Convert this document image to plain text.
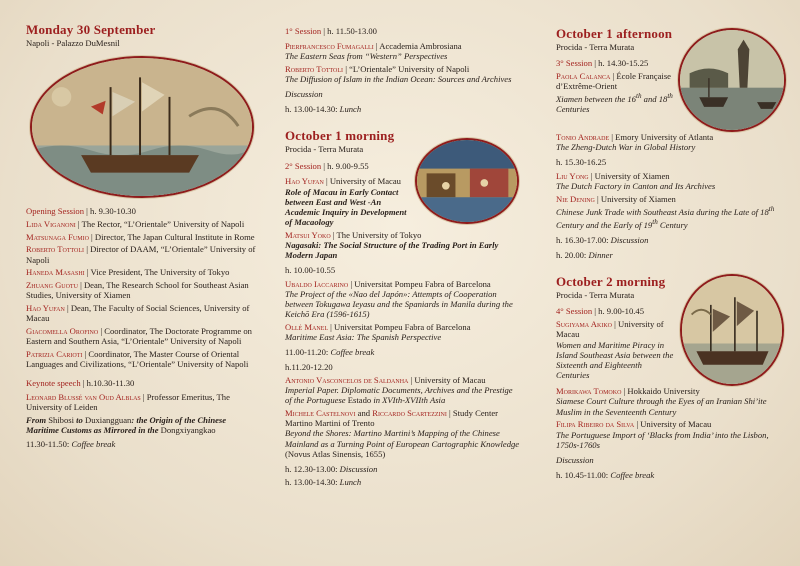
Monday 30 September
Napoli - Palazzo DuMesnil
Opening Session | h. 9.30-10.30
Lida Viganoni | The Rector, “L’Orientale” University of Napoli
Matsunaga Fumio | Director, The Japan Cultural Institute in Rome
Roberto Tottoli | Director of DAAM, “L’Orientale” University of Napoli
Haneda Masashi | Vice President, The University of Tokyo
Zhuang Guotu | Dean, The Research School for Southeast Asian Studies, University of Xiamen
Hao Yufan | Dean, The Faculty of Social Sciences, University of Macau
Giacomella Orofino | Coordinator, The Doctorate Programme on Eastern and Southern Asia, “L’Orientale” University of Napoli
Patrizia Carioti | Coordinator, The Master Course of Oriental Languages and Civilizations, “L’Orientale” University of Napoli
Keynote speech | h.10.30-11.30
Leonard Blussé van Oud Alblas | Professor Emeritus, The University of Leiden
From Shibosi to Duxiangguan: the Origin of the Chinese Maritime Customs as Mirrored in the Dongxiyangkao
11.30-11.50: Coffee break
1° Session | h. 11.50-13.00
Pierfrancesco Fumagalli | Accademia Ambrosiana
The Eastern Seas from “Western” Perspectives
Roberto Tottoli | “L’Orientale” University of Napoli
The Diffusion of Islam in the Indian Ocean: Sources and Archives
Discussion
h. 13.00-14.30: Lunch
October 1 morning
Procida - Terra Murata
2° Session | h. 9.00-9.55
Hao Yufan | University of Macau
Role of Macau in Early Contact between East and West -An Academic Inquiry in Development of Macaology
Matsui Yoko | The University of Tokyo
Nagasaki: The Social Structure of the Trading Port in Early Modern Japan
h. 10.00-10.55
Ubaldo Iaccarino | Universitat Pompeu Fabra of Barcelona
The Project of the «Nao del Japón»: Attempts of Cooperation between Tokugawa Ieyasu and the Spaniards in Manila during the Keichō Era (1596-1615)
Ollé Manel | Universitat Pompeu Fabra of Barcelona
Maritime East Asia: The Spanish Perspective
11.00-11.20: Coffee break
h.11.20-12.20
Antonio Vasconcelos de Saldanha | University of Macau
Imperial Paper. Diplomatic Documents, Archives and the Prestige of the Portuguese Estado in XVIth-XVIIth Asia
Michele Castelnovi and Riccardo Scartezzini | Study Center Martino Martini of Trento
Beyond the Shores: Martino Martini’s Mapping of the Chinese Mainland as a Turning Point of European Cartographic Knowledge (Novus Atlas Sinensis, 1655)
h. 12.30-13.00: Discussion
h. 13.00-14.30: Lunch
October 1 afternoon
Procida - Terra Murata
3° Session | h. 14.30-15.25
Paola Calanca | École Française d’Extrême-Orient
Xiamen between the 16th and 18th Centuries
Tonio Andrade | Emory University of Atlanta
The Zheng-Dutch War in Global History
h. 15.30-16.25
Liu Yong | University of Xiamen
The Dutch Factory in Canton and Its Archives
Nie Dening | University of Xiamen
Chinese Junk Trade with Southeast Asia during the Late of 18th Century and the Early of 19th Century
h. 16.30-17.00: Discussion
h. 20.00: Dinner
October 2 morning
Procida - Terra Murata
4° Session | h. 9.00-10.45
Sugiyama Akiko | University of Macau
Women and Maritime Piracy in Island Southeast Asia between the Sixteenth and Eighteenth Centuries
Morikawa Tomoko | Hokkaido University
Siamese Court Culture through the Eyes of an Iranian Shi’ite Muslim in the Seventeenth Century
Filipa Ribeiro da Silva | University of Macau
The Portuguese Import of ‘Blacks from India’ into the Lisbon, 1750s-1760s
Discussion
h. 10.45-11.00: Coffee break
